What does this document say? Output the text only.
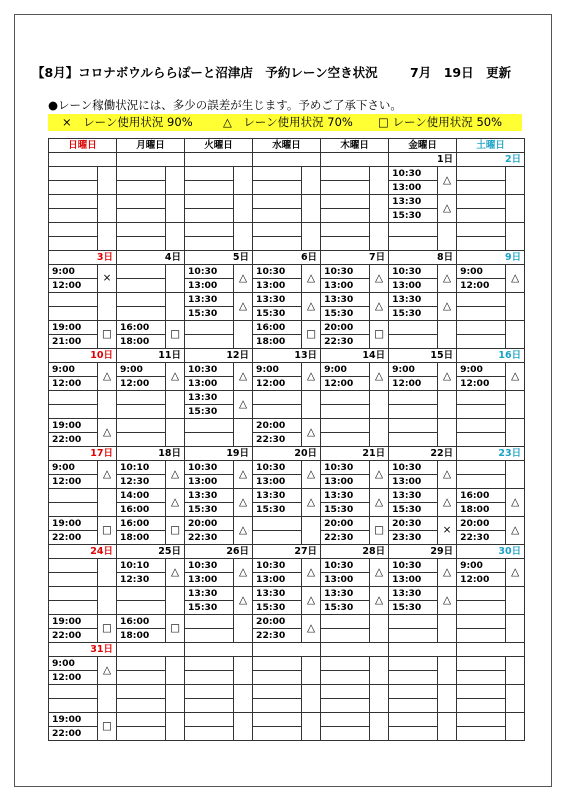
【8月】コロナボウルららぽーと沼津店　予約レーン空き状況	7月　19日　更新
●レーン稼働状況には、多少の誤差が生じます。予めご了承下さい。
×　レーン使用状況 90%	△　レーン使用状況 70% □ レーン使用状況 50%
日曜日		月曜日		火曜日		水曜日		木曜日		金曜日		土曜日	
										1日		2日	
										10:30	△		
										13:00			
										13:30	△		
										15:30			

3日		4日		5日		6日		7日		8日		9日	
9:00	×			10:30	△	10:30	△	10:30	△	10:30	△	9:00	△
12:00				13:00		13:00		13:00		13:00		12:00	
				13:30	△	13:30	△	13:30	△	13:30	△		
				15:30		15:30		15:30		15:30			
19:00	□	16:00	□			16:00	□	20:00	□				
21:00		18:00				18:00		22:30					
10日		11日		12日		13日		14日		15日		16日	
9:00	△	9:00	△	10:30	△	9:00	△	9:00	△	9:00	△	9:00	△
12:00		12:00		13:00		12:00		12:00		12:00		12:00	
				13:30	△								
				15:30									
19:00	△					20:00	△						
22:00						22:30							
17日		18日		19日		20日		21日		22日		23日	
9:00	△	10:10	△	10:30	△	10:30	△	10:30	△	10:30	△		
12:00		12:30		13:00		13:00		13:00		13:00			
		14:00	△	13:30	△	13:30	△	13:30	△	13:30	△	16:00	△
		16:00		15:30		15:30		15:30		15:30		18:00	
19:00	□	16:00	□	20:00	△			20:00	□	20:30	×	20:00	△
22:00		18:00		22:30				22:30		23:30		22:30	
24日		25日		26日		27日		28日		29日		30日	
		10:10	△	10:30	△	10:30	△	10:30	△	10:30	△	9:00	△
		12:30		13:00		13:00		13:00		13:00		12:00	
				13:30	△	13:30	△	13:30	△	13:30	△		
				15:30		15:30		15:30		15:30			
19:00	□	16:00	□			20:00	△						
22:00		18:00				22:30							
31日													
9:00	△												
12:00													

19:00	□												
22:00													
